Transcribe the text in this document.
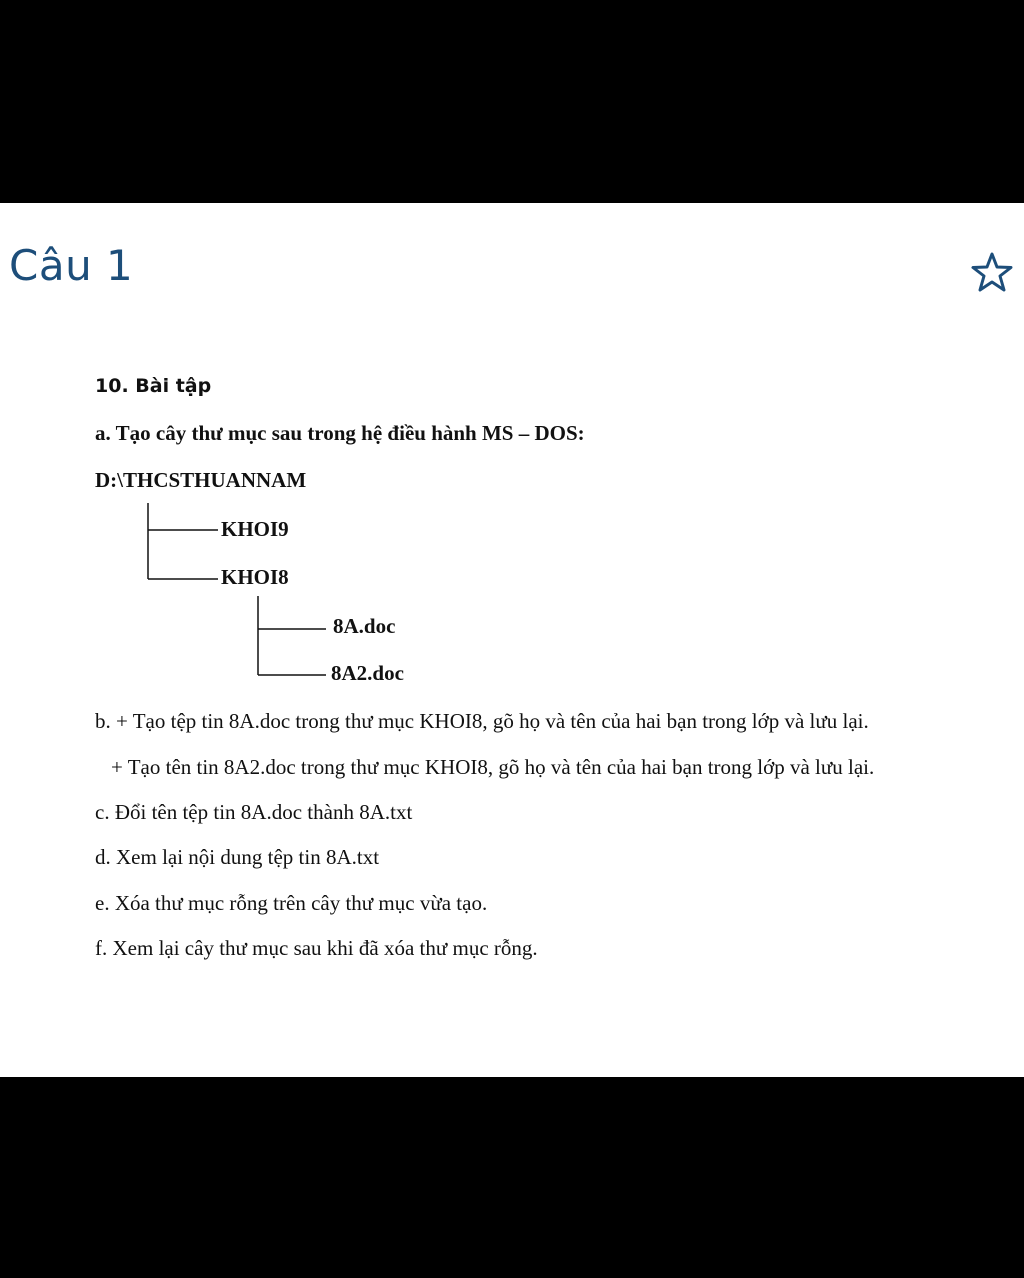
Câu 1
10. Bài tập
a. Tạo cây thư mục sau trong hệ điều hành MS – DOS:
D:\THCSTHUANNAM
KHOI9
KHOI8
8A.doc
8A2.doc
b. + Tạo tệp tin 8A.doc trong thư mục KHOI8, gõ họ và tên của hai bạn trong lớp và lưu lại.
+ Tạo tên tin 8A2.doc trong thư mục KHOI8, gõ họ và tên của hai bạn trong lớp và lưu lại.
c. Đổi tên tệp tin 8A.doc thành 8A.txt
d. Xem lại nội dung tệp tin 8A.txt
e. Xóa thư mục rỗng trên cây thư mục vừa tạo.
f. Xem lại cây thư mục sau khi đã xóa thư mục rỗng.
